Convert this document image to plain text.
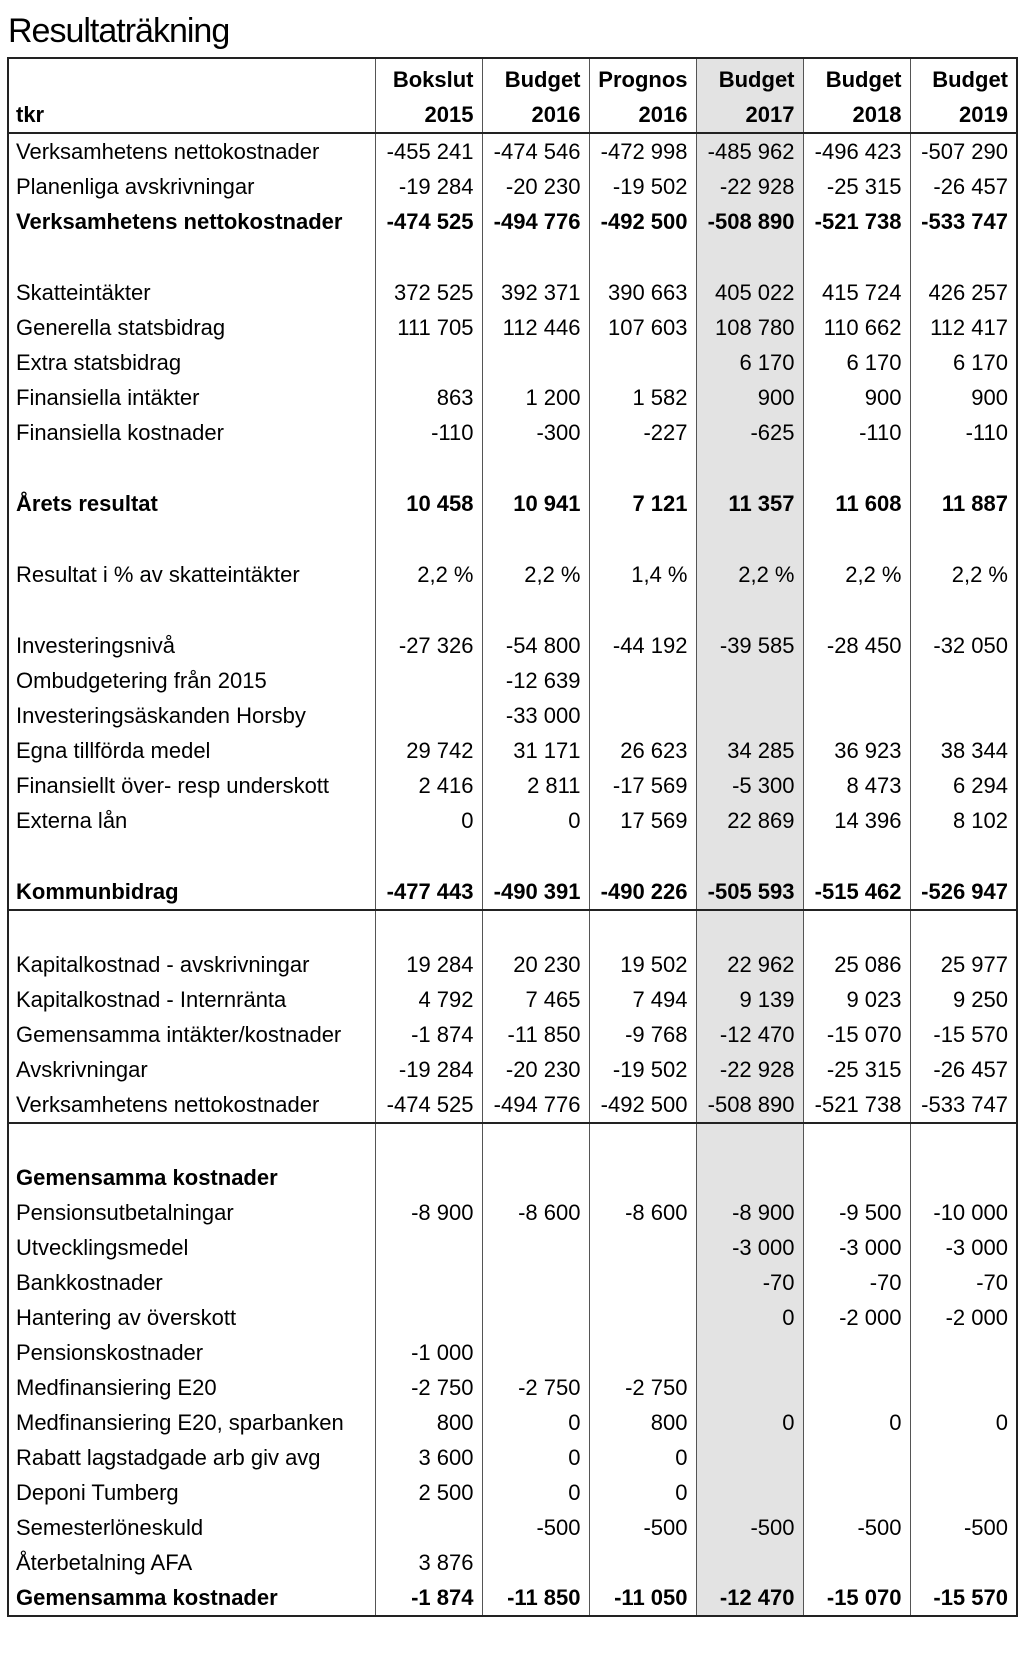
Resultaträkning
	Bokslut	Budget	Prognos	Budget	Budget	Budget
tkr	2015	2016	2016	2017	2018	2019
Verksamhetens nettokostnader	-455 241	-474 546	-472 998	-485 962	-496 423	-507 290
Planenliga avskrivningar	-19 284	-20 230	-19 502	-22 928	-25 315	-26 457
Verksamhetens nettokostnader	-474 525	-494 776	-492 500	-508 890	-521 738	-533 747

Skatteintäkter	372 525	392 371	390 663	405 022	415 724	426 257
Generella statsbidrag	111 705	112 446	107 603	108 780	110 662	112 417
Extra statsbidrag				6 170	6 170	6 170
Finansiella intäkter	863	1 200	1 582	900	900	900
Finansiella kostnader	-110	-300	-227	-625	-110	-110

Årets resultat	10 458	10 941	7 121	11 357	11 608	11 887

Resultat i % av skatteintäkter	2,2 %	2,2 %	1,4 %	2,2 %	2,2 %	2,2 %

Investeringsnivå	-27 326	-54 800	-44 192	-39 585	-28 450	-32 050
Ombudgetering från 2015		-12 639				
Investeringsäskanden Horsby		-33 000				
Egna tillförda medel	29 742	31 171	26 623	34 285	36 923	38 344
Finansiellt över- resp underskott	2 416	2 811	-17 569	-5 300	8 473	6 294
Externa lån	0	0	17 569	22 869	14 396	8 102

Kommunbidrag	-477 443	-490 391	-490 226	-505 593	-515 462	-526 947

Kapitalkostnad - avskrivningar	19 284	20 230	19 502	22 962	25 086	25 977
Kapitalkostnad - Internränta	4 792	7 465	7 494	9 139	9 023	9 250
Gemensamma intäkter/kostnader	-1 874	-11 850	-9 768	-12 470	-15 070	-15 570
Avskrivningar	-19 284	-20 230	-19 502	-22 928	-25 315	-26 457
Verksamhetens nettokostnader	-474 525	-494 776	-492 500	-508 890	-521 738	-533 747

Gemensamma kostnader						
Pensionsutbetalningar	-8 900	-8 600	-8 600	-8 900	-9 500	-10 000
Utvecklingsmedel				-3 000	-3 000	-3 000
Bankkostnader				-70	-70	-70
Hantering av överskott				0	-2 000	-2 000
Pensionskostnader	-1 000					
Medfinansiering E20	-2 750	-2 750	-2 750			
Medfinansiering E20, sparbanken	800	0	800	0	0	0
Rabatt lagstadgade arb giv avg	3 600	0	0			
Deponi Tumberg	2 500	0	0			
Semesterlöneskuld		-500	-500	-500	-500	-500
Återbetalning AFA	3 876					
Gemensamma kostnader	-1 874	-11 850	-11 050	-12 470	-15 070	-15 570
